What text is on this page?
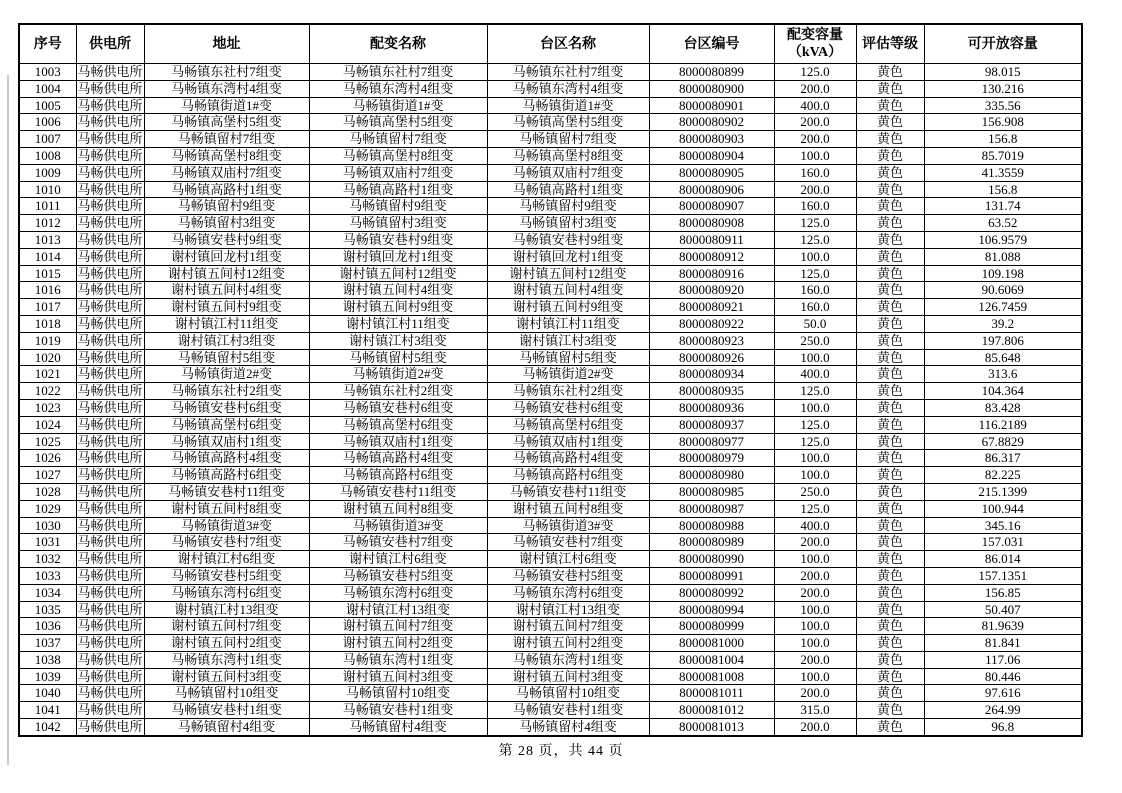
序号	供电所	地址	配变名称	台区名称	台区编号	配变容量
（kVA）	评估等级	可开放容量

1003	马畅供电所	马畅镇东社村7组变	马畅镇东社村7组变	马畅镇东社村7组变	8000080899	125.0	黄色	98.015
1004	马畅供电所	马畅镇东湾村4组变	马畅镇东湾村4组变	马畅镇东湾村4组变	8000080900	200.0	黄色	130.216
1005	马畅供电所	马畅镇街道1#变	马畅镇街道1#变	马畅镇街道1#变	8000080901	400.0	黄色	335.56
1006	马畅供电所	马畅镇高堡村5组变	马畅镇高堡村5组变	马畅镇高堡村5组变	8000080902	200.0	黄色	156.908
1007	马畅供电所	马畅镇留村7组变	马畅镇留村7组变	马畅镇留村7组变	8000080903	200.0	黄色	156.8
1008	马畅供电所	马畅镇高堡村8组变	马畅镇高堡村8组变	马畅镇高堡村8组变	8000080904	100.0	黄色	85.7019
1009	马畅供电所	马畅镇双庙村7组变	马畅镇双庙村7组变	马畅镇双庙村7组变	8000080905	160.0	黄色	41.3559
1010	马畅供电所	马畅镇高路村1组变	马畅镇高路村1组变	马畅镇高路村1组变	8000080906	200.0	黄色	156.8
1011	马畅供电所	马畅镇留村9组变	马畅镇留村9组变	马畅镇留村9组变	8000080907	160.0	黄色	131.74
1012	马畅供电所	马畅镇留村3组变	马畅镇留村3组变	马畅镇留村3组变	8000080908	125.0	黄色	63.52
1013	马畅供电所	马畅镇安巷村9组变	马畅镇安巷村9组变	马畅镇安巷村9组变	8000080911	125.0	黄色	106.9579
1014	马畅供电所	谢村镇回龙村1组变	谢村镇回龙村1组变	谢村镇回龙村1组变	8000080912	100.0	黄色	81.088
1015	马畅供电所	谢村镇五间村12组变	谢村镇五间村12组变	谢村镇五间村12组变	8000080916	125.0	黄色	109.198
1016	马畅供电所	谢村镇五间村4组变	谢村镇五间村4组变	谢村镇五间村4组变	8000080920	160.0	黄色	90.6069
1017	马畅供电所	谢村镇五间村9组变	谢村镇五间村9组变	谢村镇五间村9组变	8000080921	160.0	黄色	126.7459
1018	马畅供电所	谢村镇江村11组变	谢村镇江村11组变	谢村镇江村11组变	8000080922	50.0	黄色	39.2
1019	马畅供电所	谢村镇江村3组变	谢村镇江村3组变	谢村镇江村3组变	8000080923	250.0	黄色	197.806
1020	马畅供电所	马畅镇留村5组变	马畅镇留村5组变	马畅镇留村5组变	8000080926	100.0	黄色	85.648
1021	马畅供电所	马畅镇街道2#变	马畅镇街道2#变	马畅镇街道2#变	8000080934	400.0	黄色	313.6
1022	马畅供电所	马畅镇东社村2组变	马畅镇东社村2组变	马畅镇东社村2组变	8000080935	125.0	黄色	104.364
1023	马畅供电所	马畅镇安巷村6组变	马畅镇安巷村6组变	马畅镇安巷村6组变	8000080936	100.0	黄色	83.428
1024	马畅供电所	马畅镇高堡村6组变	马畅镇高堡村6组变	马畅镇高堡村6组变	8000080937	125.0	黄色	116.2189
1025	马畅供电所	马畅镇双庙村1组变	马畅镇双庙村1组变	马畅镇双庙村1组变	8000080977	125.0	黄色	67.8829
1026	马畅供电所	马畅镇高路村4组变	马畅镇高路村4组变	马畅镇高路村4组变	8000080979	100.0	黄色	86.317
1027	马畅供电所	马畅镇高路村6组变	马畅镇高路村6组变	马畅镇高路村6组变	8000080980	100.0	黄色	82.225
1028	马畅供电所	马畅镇安巷村11组变	马畅镇安巷村11组变	马畅镇安巷村11组变	8000080985	250.0	黄色	215.1399
1029	马畅供电所	谢村镇五间村8组变	谢村镇五间村8组变	谢村镇五间村8组变	8000080987	125.0	黄色	100.944
1030	马畅供电所	马畅镇街道3#变	马畅镇街道3#变	马畅镇街道3#变	8000080988	400.0	黄色	345.16
1031	马畅供电所	马畅镇安巷村7组变	马畅镇安巷村7组变	马畅镇安巷村7组变	8000080989	200.0	黄色	157.031
1032	马畅供电所	谢村镇江村6组变	谢村镇江村6组变	谢村镇江村6组变	8000080990	100.0	黄色	86.014
1033	马畅供电所	马畅镇安巷村5组变	马畅镇安巷村5组变	马畅镇安巷村5组变	8000080991	200.0	黄色	157.1351
1034	马畅供电所	马畅镇东湾村6组变	马畅镇东湾村6组变	马畅镇东湾村6组变	8000080992	200.0	黄色	156.85
1035	马畅供电所	谢村镇江村13组变	谢村镇江村13组变	谢村镇江村13组变	8000080994	100.0	黄色	50.407
1036	马畅供电所	谢村镇五间村7组变	谢村镇五间村7组变	谢村镇五间村7组变	8000080999	100.0	黄色	81.9639
1037	马畅供电所	谢村镇五间村2组变	谢村镇五间村2组变	谢村镇五间村2组变	8000081000	100.0	黄色	81.841
1038	马畅供电所	马畅镇东湾村1组变	马畅镇东湾村1组变	马畅镇东湾村1组变	8000081004	200.0	黄色	117.06
1039	马畅供电所	谢村镇五间村3组变	谢村镇五间村3组变	谢村镇五间村3组变	8000081008	100.0	黄色	80.446
1040	马畅供电所	马畅镇留村10组变	马畅镇留村10组变	马畅镇留村10组变	8000081011	200.0	黄色	97.616
1041	马畅供电所	马畅镇安巷村1组变	马畅镇安巷村1组变	马畅镇安巷村1组变	8000081012	315.0	黄色	264.99
1042	马畅供电所	马畅镇留村4组变	马畅镇留村4组变	马畅镇留村4组变	8000081013	200.0	黄色	96.8
第 28 页，共 44 页
